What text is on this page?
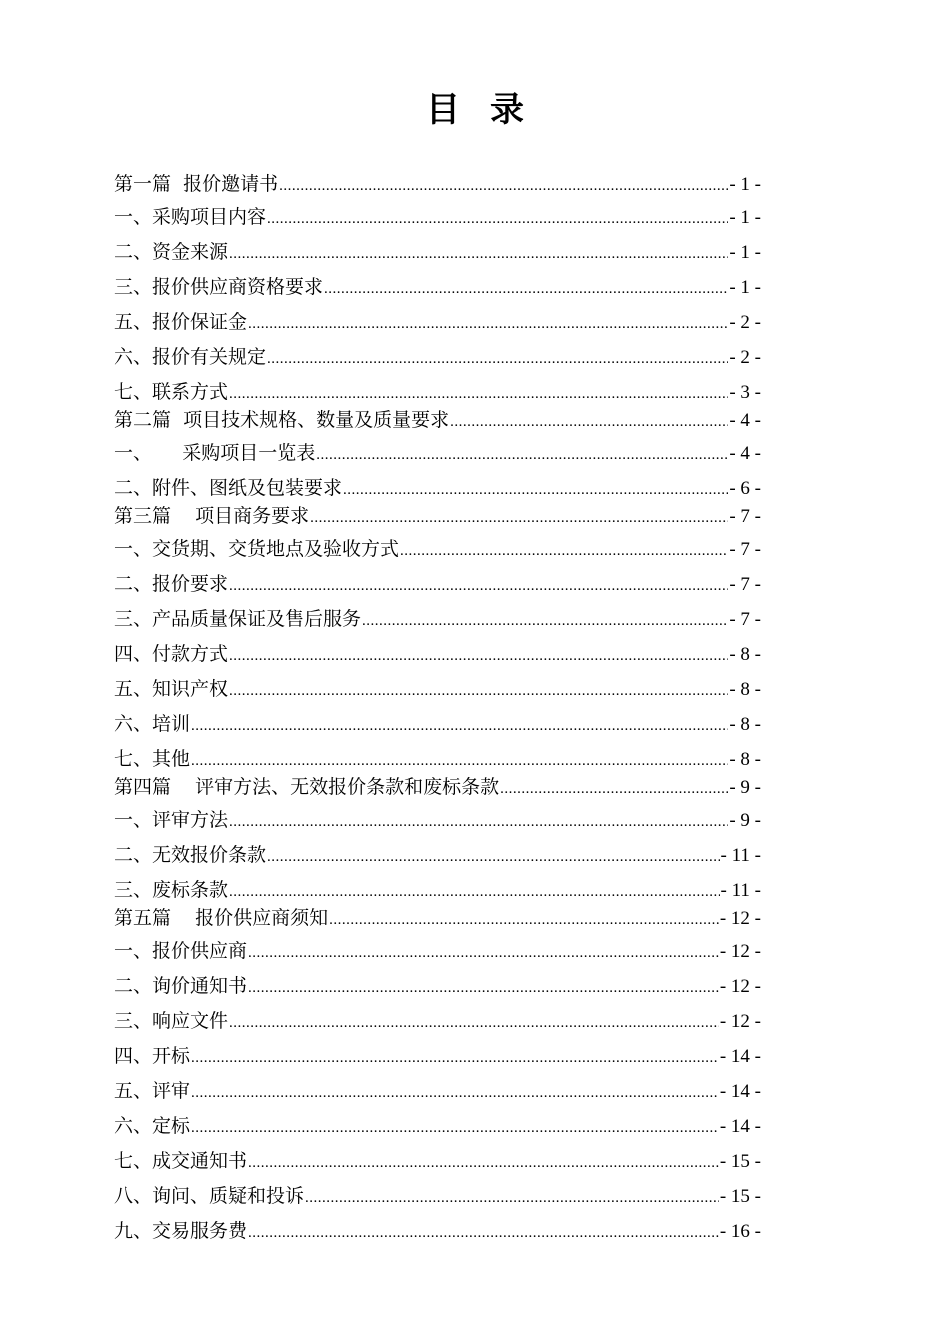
目 录
第一篇  报价邀请书 .....	- 1 -
一、采购项目内容 .....	- 1 -
二、资金来源 .....	- 1 -
三、报价供应商资格要求 .....	- 1 -
五、报价保证金 .....	- 2 -
六、报价有关规定 .....	- 2 -
七、联系方式 .....	- 3 -
第二篇  项目技术规格、数量及质量要求 .....	- 4 -
一、     采购项目一览表 .....	- 4 -
二、附件、图纸及包装要求 .....	- 6 -
第三篇    项目商务要求 .....	- 7 -
一、交货期、交货地点及验收方式 .....	- 7 -
二、报价要求 .....	- 7 -
三、产品质量保证及售后服务 .....	- 7 -
四、付款方式 .....	- 8 -
五、知识产权 .....	- 8 -
六、培训 .....	- 8 -
七、其他 .....	- 8 -
第四篇    评审方法、无效报价条款和废标条款 .....	- 9 -
一、评审方法 .....	- 9 -
二、无效报价条款 .....	- 11 -
三、废标条款 .....	- 11 -
第五篇    报价供应商须知 .....	- 12 -
一、报价供应商 .....	- 12 -
二、询价通知书 .....	- 12 -
三、响应文件 .....	- 12 -
四、开标 .....	- 14 -
五、评审 .....	- 14 -
六、定标 .....	- 14 -
七、成交通知书 .....	- 15 -
八、询问、质疑和投诉 .....	- 15 -
九、交易服务费 .....	- 16 -
